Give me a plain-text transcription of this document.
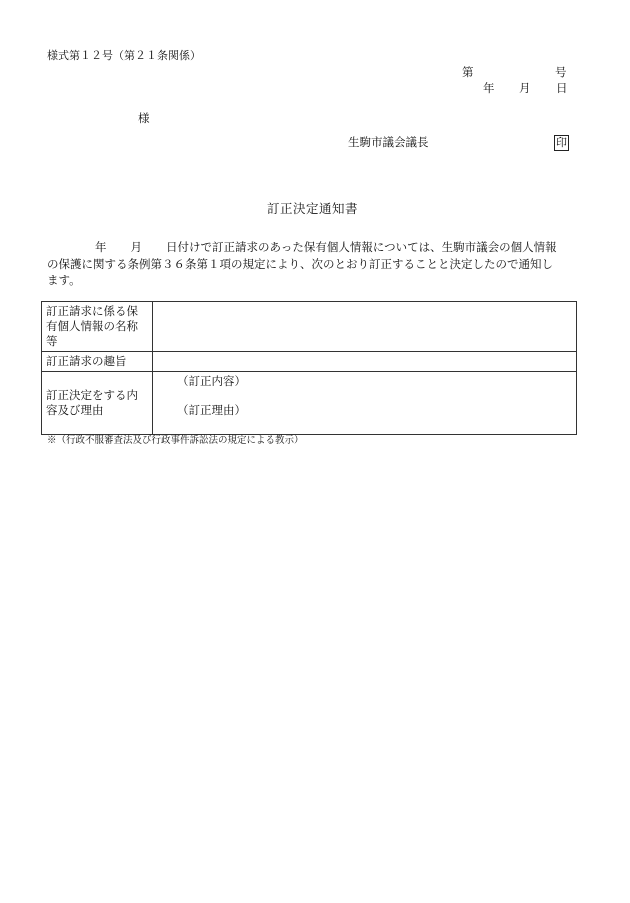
様式第１２号（第２１条関係）
第	号
年 月 日
様
生駒市議会議長	印
訂正決定通知書
年 月 日付けで訂正請求のあった保有個人情報については、生駒市議会の個人情報
の保護に関する条例第３６条第１項の規定により、次のとおり訂正することと決定したので通知し
ます。
訂正請求に係る保有個人情報の名称等	
訂正請求の趣旨	
訂正決定をする内容及び理由	（訂正内容）
（訂正理由）
※（行政不服審査法及び行政事件訴訟法の規定による教示）
